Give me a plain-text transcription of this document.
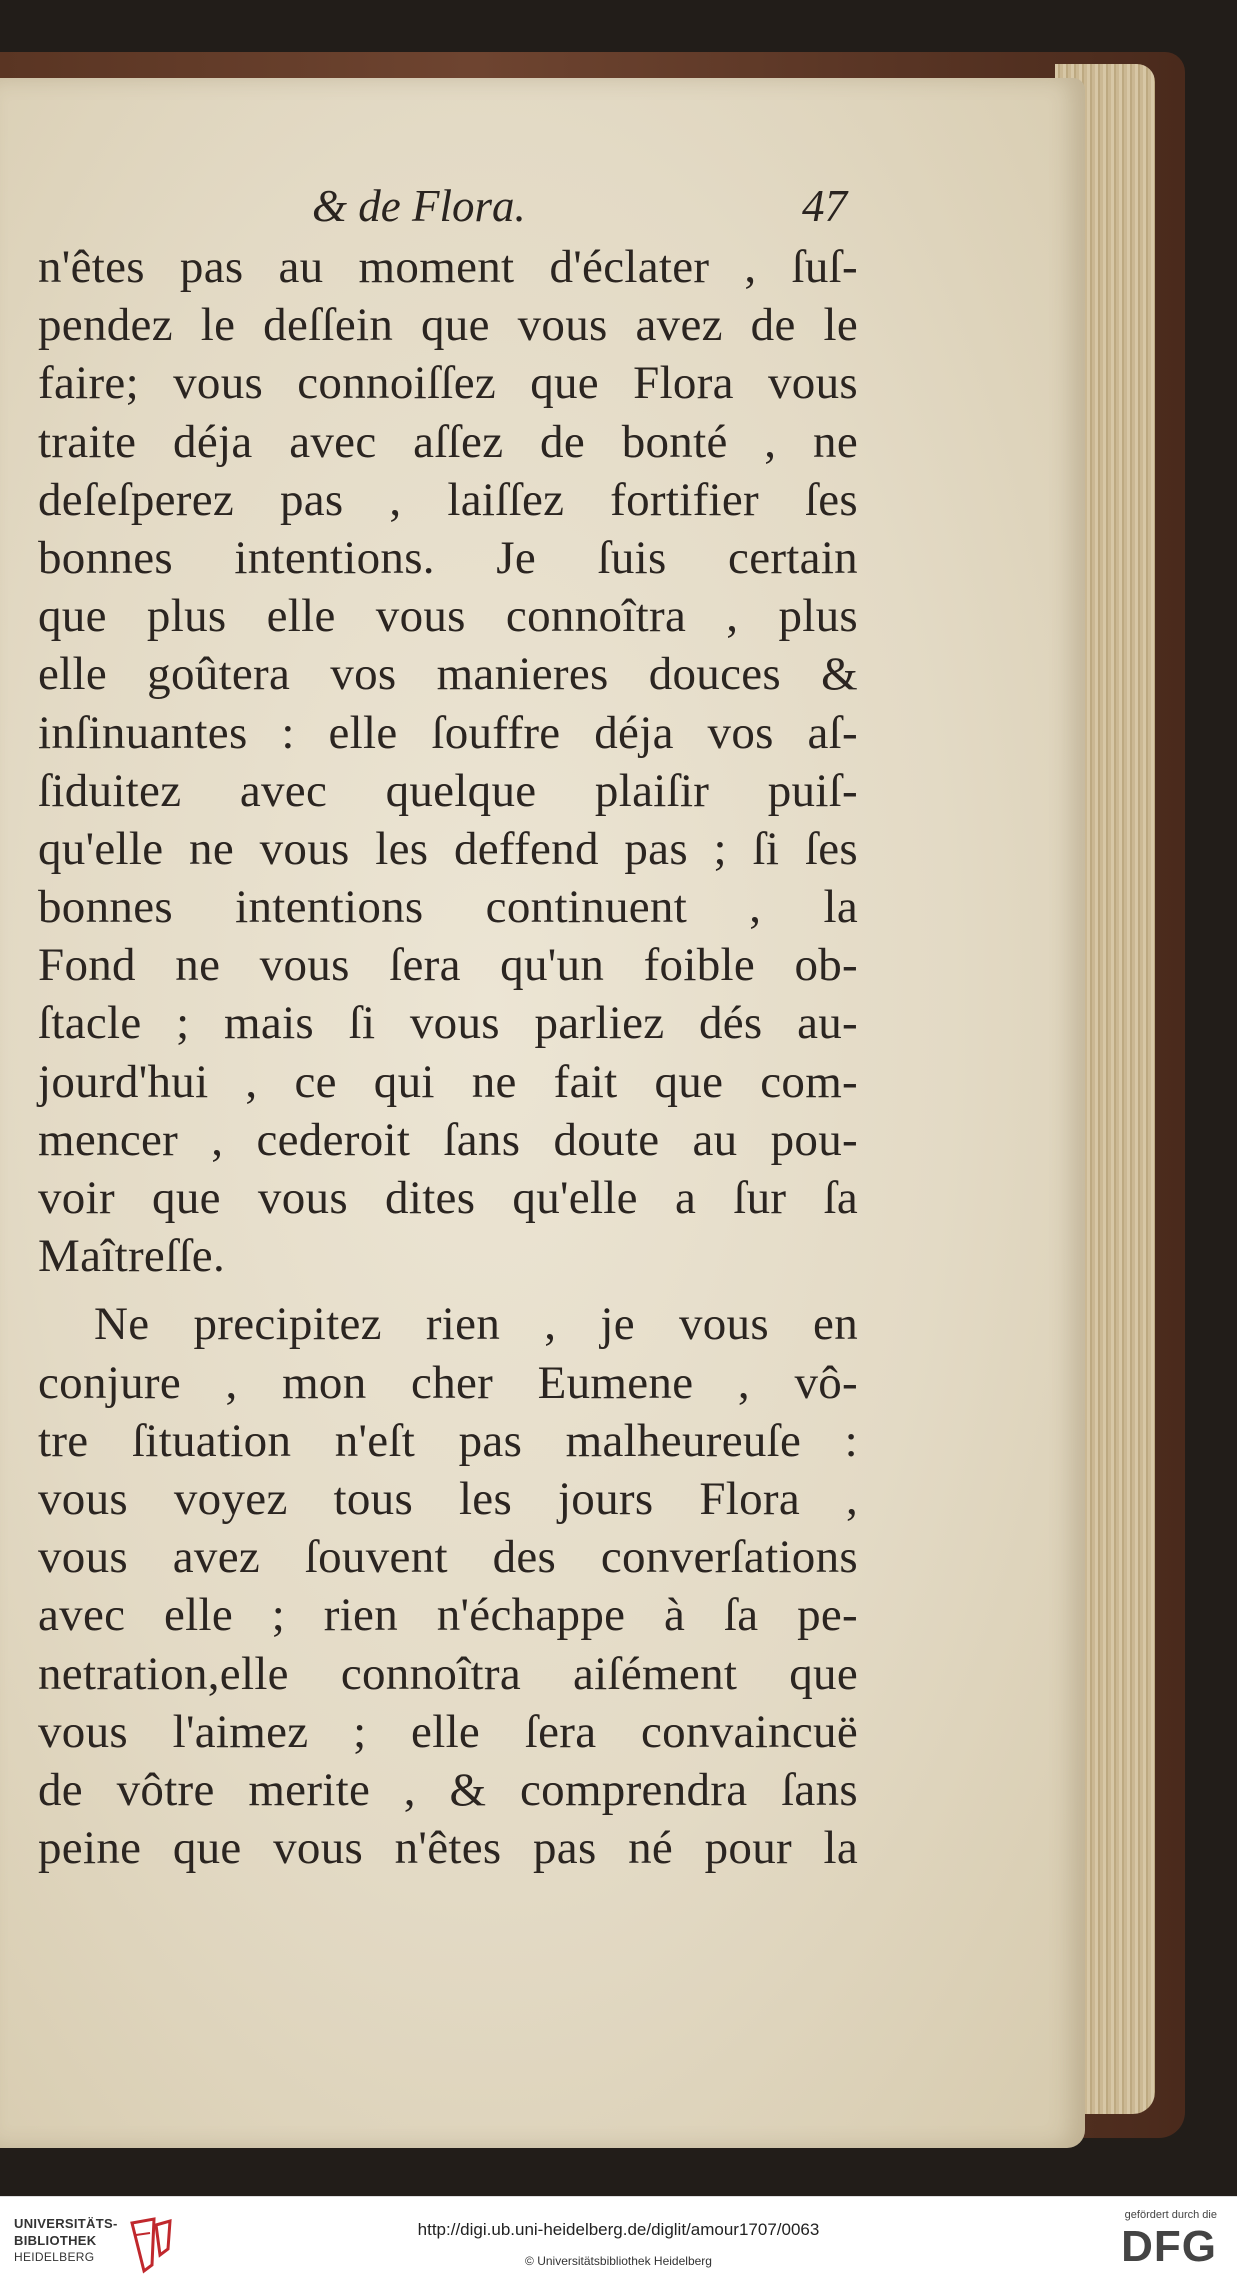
& de Flora.	47
n'êtes pas au moment d'éclater , ſuſ-
pendez le deſſein que vous avez de le
faire; vous connoiſſez que Flora vous
traite déja avec aſſez de bonté , ne
deſeſperez pas , laiſſez fortifier ſes
bonnes intentions. Je ſuis certain
que plus elle vous connoîtra , plus
elle goûtera vos manieres douces &
inſinuantes : elle ſouffre déja vos aſ-
ſiduitez avec quelque plaiſir puiſ-
qu'elle ne vous les deffend pas ; ſi ſes
bonnes intentions continuent , la
Fond ne vous ſera qu'un foible ob-
ſtacle ; mais ſi vous parliez dés au-
jourd'hui , ce qui ne fait que com-
mencer , cederoit ſans doute au pou-
voir que vous dites qu'elle a ſur ſa
Maîtreſſe.
Ne precipitez rien , je vous en
conjure , mon cher Eumene , vô-
tre ſituation n'eſt pas malheureuſe :
vous voyez tous les jours Flora ,
vous avez ſouvent des converſations
avec elle ; rien n'échappe à ſa pe-
netration,elle connoîtra aiſément que
vous l'aimez ; elle ſera convaincuë
de vôtre merite , & comprendra ſans
peine que vous n'êtes pas né pour la
UNIVERSITÄTS-
BIBLIOTHEK
HEIDELBERG
http://digi.ub.uni-heidelberg.de/diglit/amour1707/0063
© Universitätsbibliothek Heidelberg
gefördert durch die
DFG
